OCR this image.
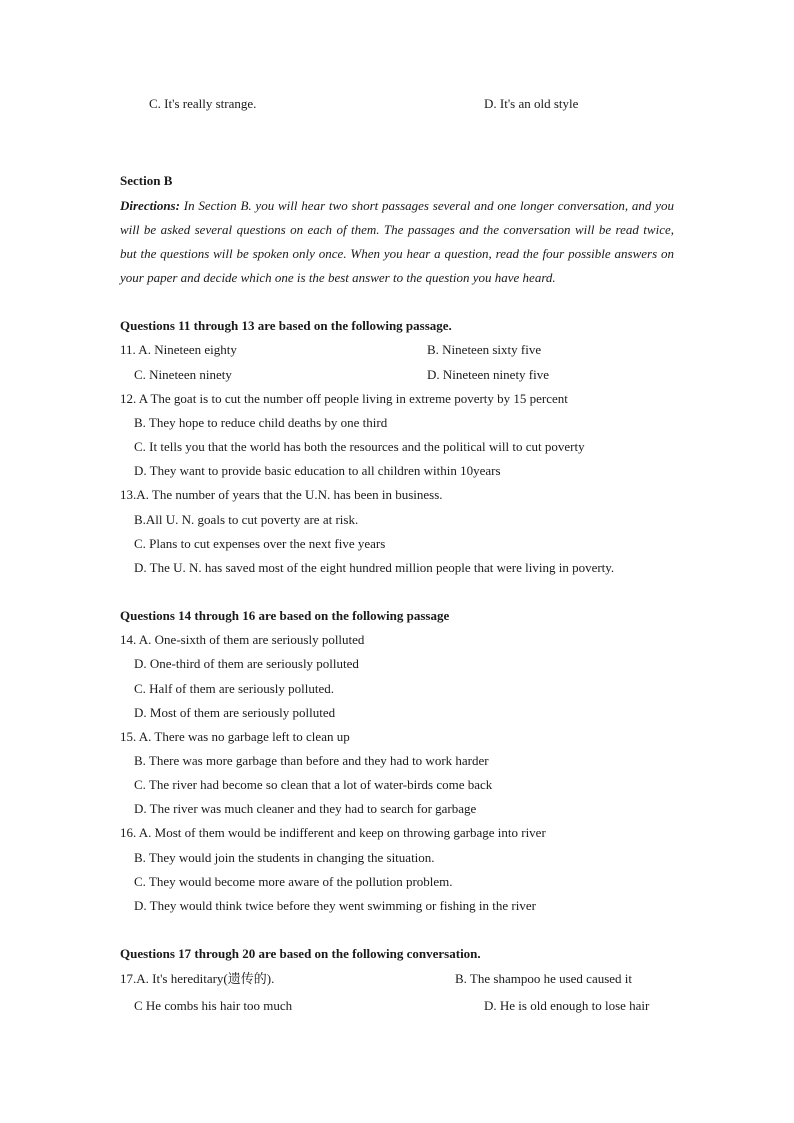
C. It's really strange.	D. It's an old style
Section B
Directions: In Section B. you will hear two short passages several and one longer conversation, and you will be asked several questions on each of them. The passages and the conversation will be read twice, but the questions will be spoken only once. When you hear a question, read the four possible answers on your paper and decide which one is the best answer to the question you have heard.
Questions 11 through 13 are based on the following passage.
11. A. Nineteen eighty	B. Nineteen sixty five
C. Nineteen ninety	D. Nineteen ninety five
12. A The goat is to cut the number off people living in extreme poverty by 15 percent
B. They hope to reduce child deaths by one third
C. It tells you that the world has both the resources and the political will to cut poverty
D. They want to provide basic education to all children within 10years
13.A. The number of years that the U.N. has been in business.
B.All U. N. goals to cut poverty are at risk.
C. Plans to cut expenses over the next five years
D. The U. N. has saved most of the eight hundred million people that were living in poverty.
Questions 14 through 16 are based on the following passage
14. A. One-sixth of them are seriously polluted
D. One-third of them are seriously polluted
C. Half of them are seriously polluted.
D. Most of them are seriously polluted
15. A. There was no garbage left to clean up
B. There was more garbage than before and they had to work harder
C. The river had become so clean that a lot of water-birds come back
D. The river was much cleaner and they had to search for garbage
16. A. Most of them would be indifferent and keep on throwing garbage into river
B. They would join the students in changing the situation.
C. They would become more aware of the pollution problem.
D. They would think twice before they went swimming or fishing in the river
Questions 17 through 20 are based on the following conversation.
17.A. It's hereditary(遗传的).	B. The shampoo he used caused it
C He combs his hair too much	D. He is old enough to lose hair
